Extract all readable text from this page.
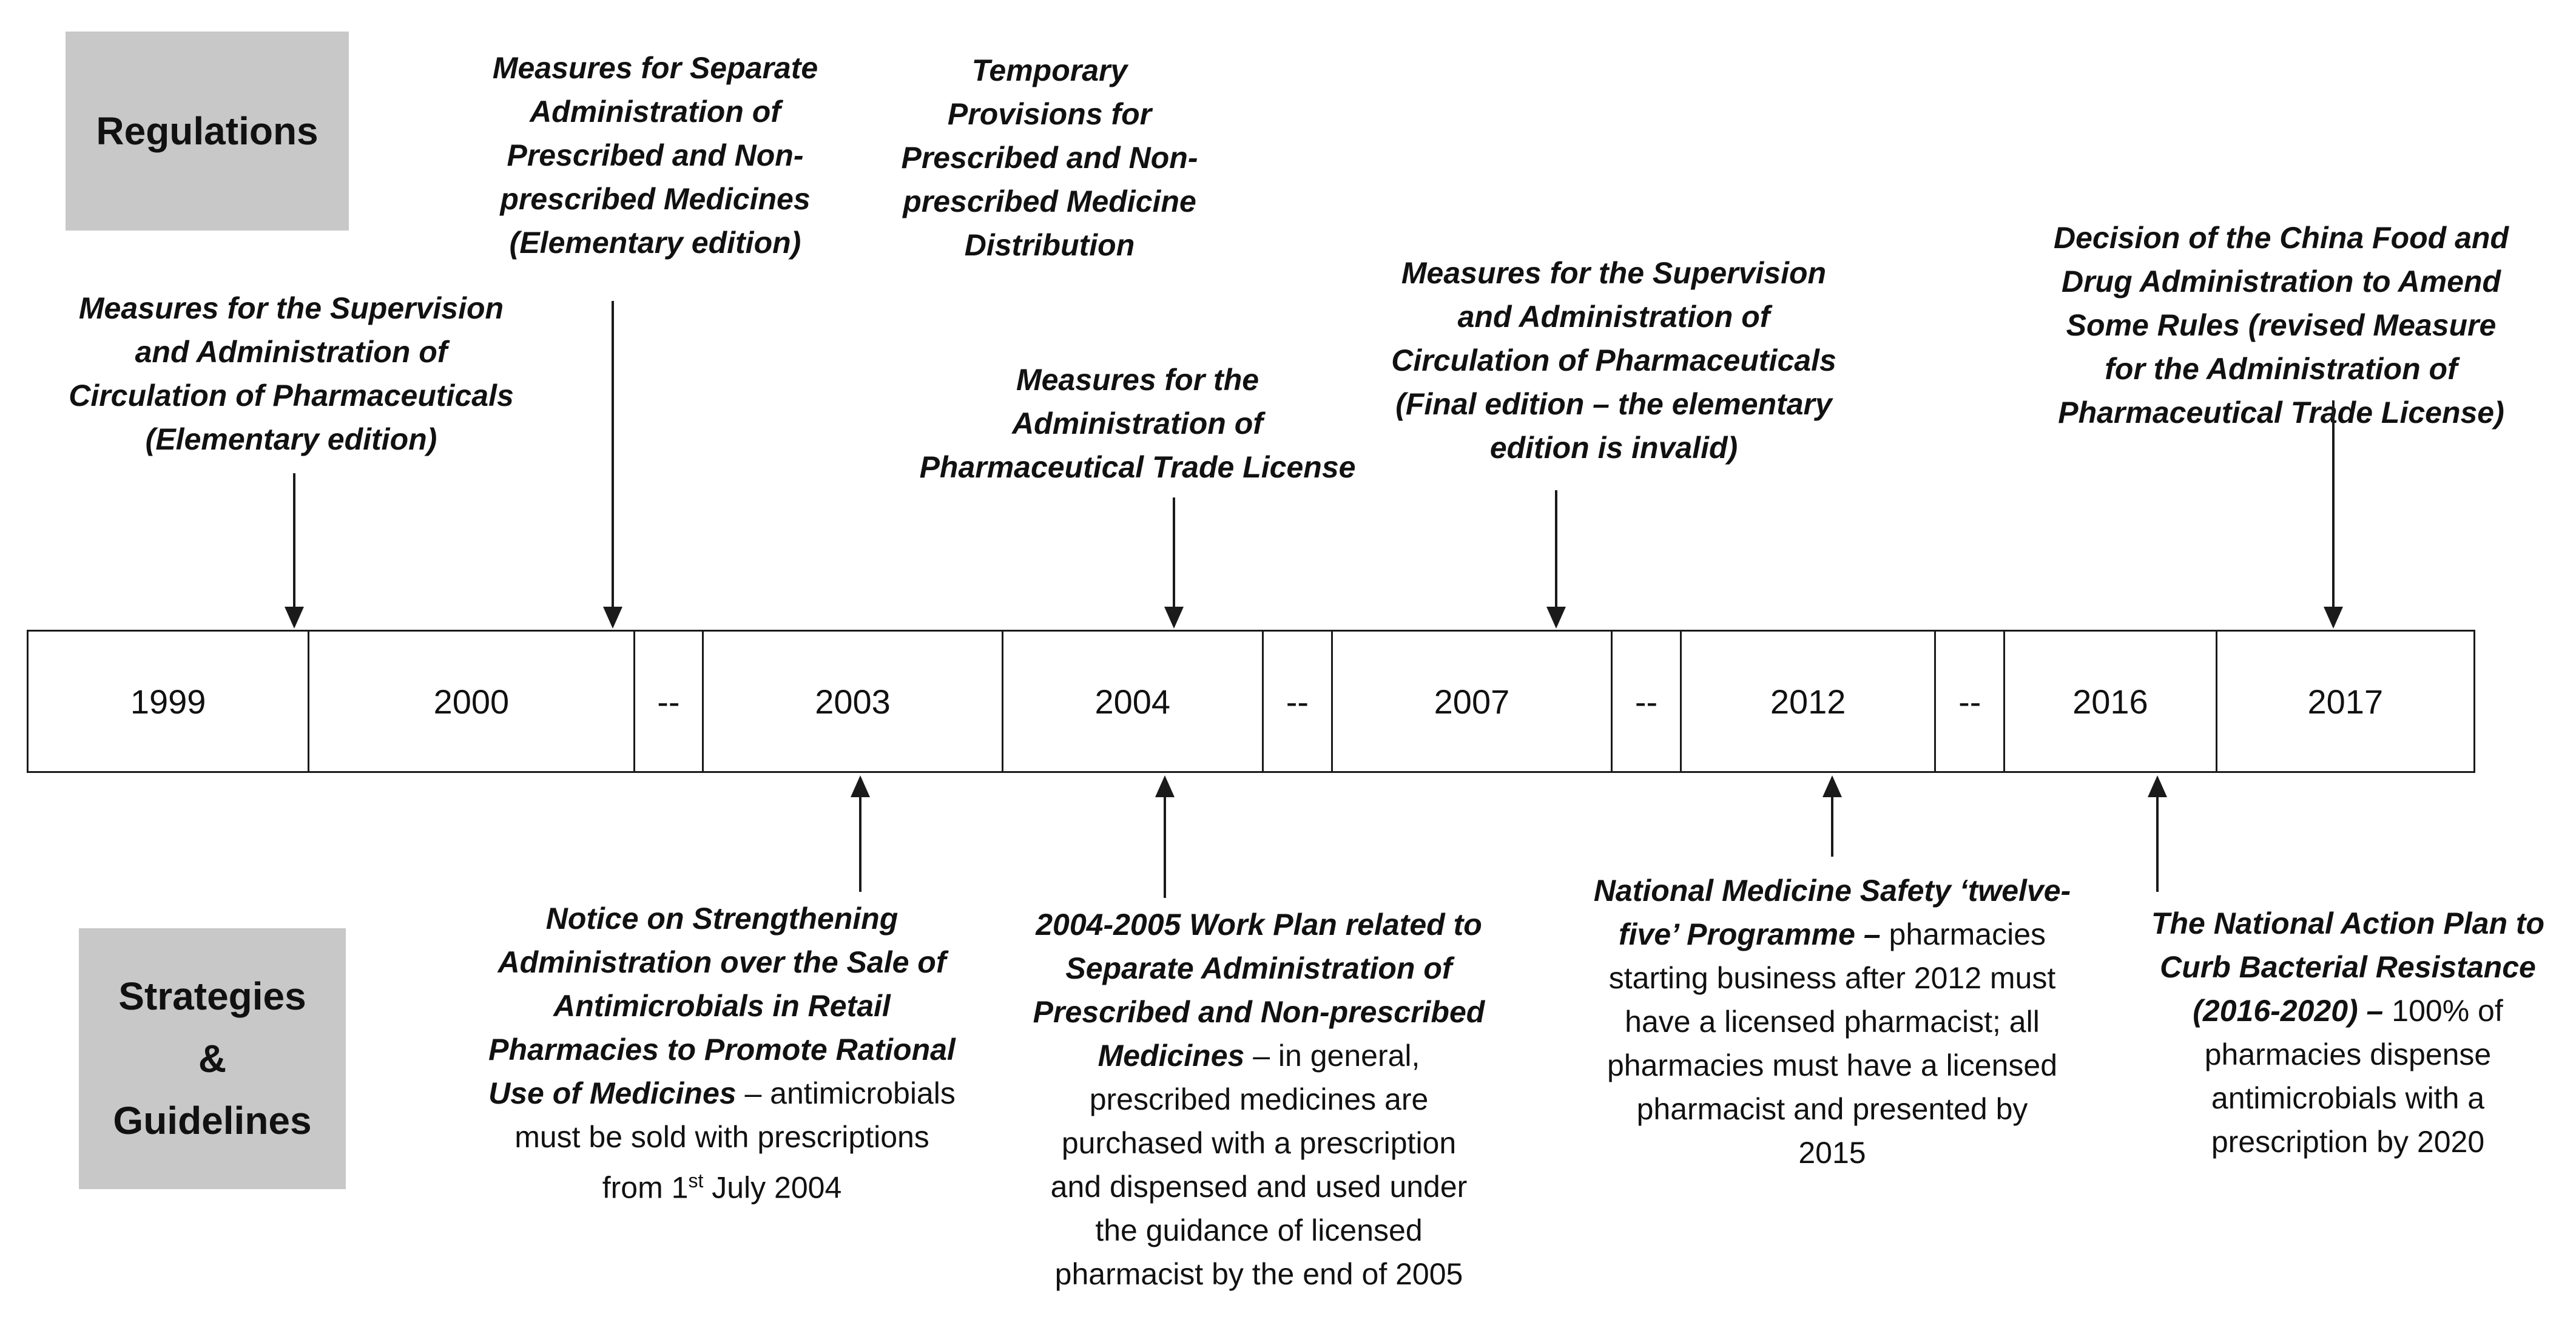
Regulations
Strategies
&
Guidelines
Measures for the Supervision
and Administration of
Circulation of Pharmaceuticals
(Elementary edition)
Measures for Separate
Administration of
Prescribed and Non-
prescribed Medicines
(Elementary edition)
Temporary
Provisions for
Prescribed and Non-
prescribed Medicine
Distribution
Measures for the
Administration of
Pharmaceutical Trade License
Measures for the Supervision
and Administration of
Circulation of Pharmaceuticals
(Final edition – the elementary
edition is invalid)
Decision of the China Food and
Drug Administration to Amend
Some Rules (revised Measure
for the Administration of
Pharmaceutical Trade License)
1999	2000	--	2003	2004	--	2007	--	2012	--	2016	2017
Notice on Strengthening
Administration over the Sale of
Antimicrobials in Retail
Pharmacies to Promote Rational
Use of Medicines – antimicrobials
must be sold with prescriptions
from 1st July 2004
2004-2005 Work Plan related to
Separate Administration of
Prescribed and Non-prescribed
Medicines – in general,
prescribed medicines are
purchased with a prescription
and dispensed and used under
the guidance of licensed
pharmacist by the end of 2005
National Medicine Safety ‘twelve-
five’ Programme – pharmacies
starting business after 2012 must
have a licensed pharmacist; all
pharmacies must have a licensed
pharmacist and presented by
2015
The National Action Plan to
Curb Bacterial Resistance
(2016-2020) – 100% of
pharmacies dispense
antimicrobials with a
prescription by 2020
